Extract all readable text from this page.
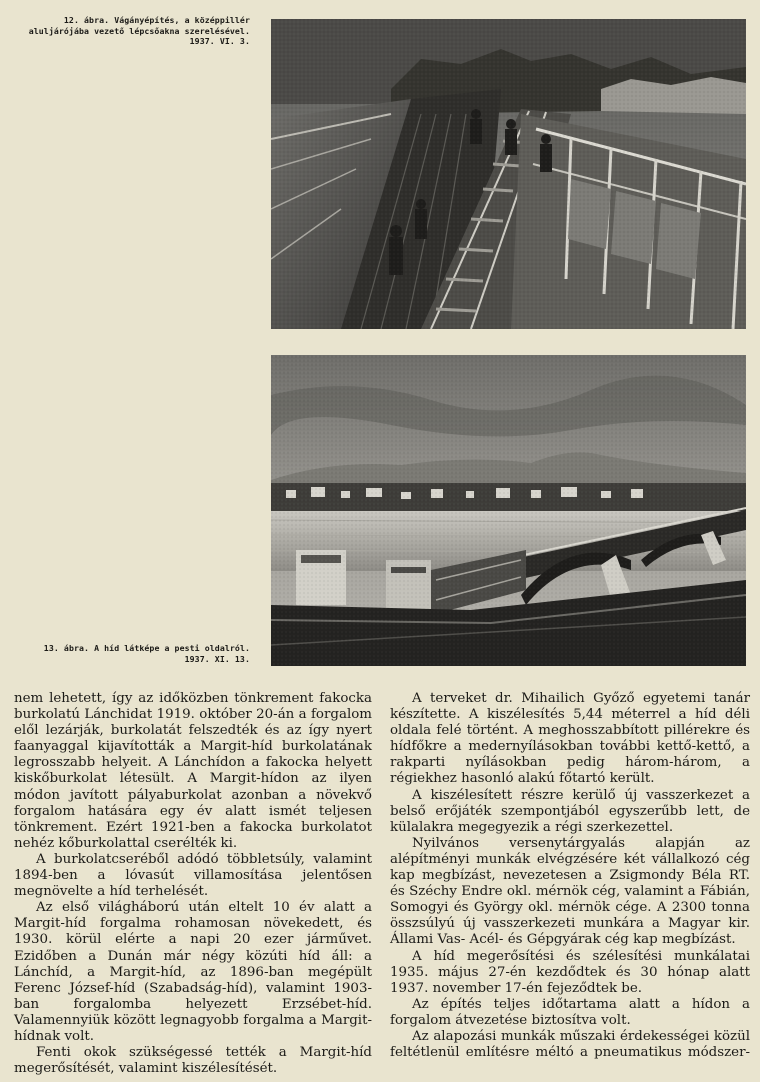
12. ábra. Vágányépítés, a középpillér
aluljárójába vezető lépcsőakna szerelésével.
1937. VI. 3.
13. ábra. A híd látképe a pesti oldalról.
1937. XI. 13.

nem lehetett, így az időközben tönkrement fakocka burkolatú Lánchidat 1919. október 20-án a forgalom elől lezárják, burkolatát felszedték és az így nyert faanyaggal kijavították a Margit-híd burkolatának legrosszabb helyeit. A Lánchídon a fakocka helyett kiskőburkolat létesült. A Margit-hídon az ilyen módon javított pályaburkolat azonban a növekvő forgalom hatására egy év alatt ismét teljesen tönkrement. Ezért 1921-ben a fakocka burkolatot nehéz kőburkolattal cserélték ki.

A burkolatcseréből adódó többletsúly, valamint 1894-ben a lóvasút villamosítása jelentősen megnövelte a híd terhelését.

Az első világháború után eltelt 10 év alatt a Margit-híd forgalma rohamosan növekedett, és 1930. körül elérte a napi 20 ezer járművet. Ezidőben a Dunán már négy közúti híd áll: a Lánchíd, a Margit-híd, az 1896-ban megépült Ferenc József-híd (Szabadság-híd), valamint 1903-ban forgalomba helyezett Erzsébet-híd. Valamennyiük között legnagyobb forgalma a Margit-hídnak volt.

Fenti okok szükségessé tették a Margit-híd megerősítését, valamint kiszélesítését.

A terveket dr. Mihailich Győző egyetemi tanár készítette. A kiszélesítés 5,44 méterrel a híd déli oldala felé történt. A meghosszabbított pillérekre és hídfőkre a medernyílásokban további kettő-kettő, a rakparti nyílásokban pedig három-három, a régiekhez hasonló alakú főtartó került.

A kiszélesített részre kerülő új vasszerkezet a belső erőjáték szempontjából egyszerűbb lett, de külalakra megegyezik a régi szerkezettel.

Nyilvános versenytárgyalás alapján az alépítményi munkák elvégzésére két vállalkozó cég kap megbízást, nevezetesen a Zsigmondy Béla RT. és Széchy Endre okl. mérnök cég, valamint a Fábián, Somogyi és György okl. mérnök cége. A 2300 tonna összsúlyú új vasszerkezeti munkára a Magyar kir. Állami Vas- Acél- és Gépgyárak cég kap megbízást.

A híd megerősítési és szélesítési munkálatai 1935. május 27-én kezdődtek és 30 hónap alatt 1937. november 17-én fejeződtek be.

Az építés teljes időtartama alatt a hídon a forgalom átvezetése biztosítva volt.

Az alapozási munkák műszaki érdekességei közül feltétlenül említésre méltó a pneumatikus módszer-
